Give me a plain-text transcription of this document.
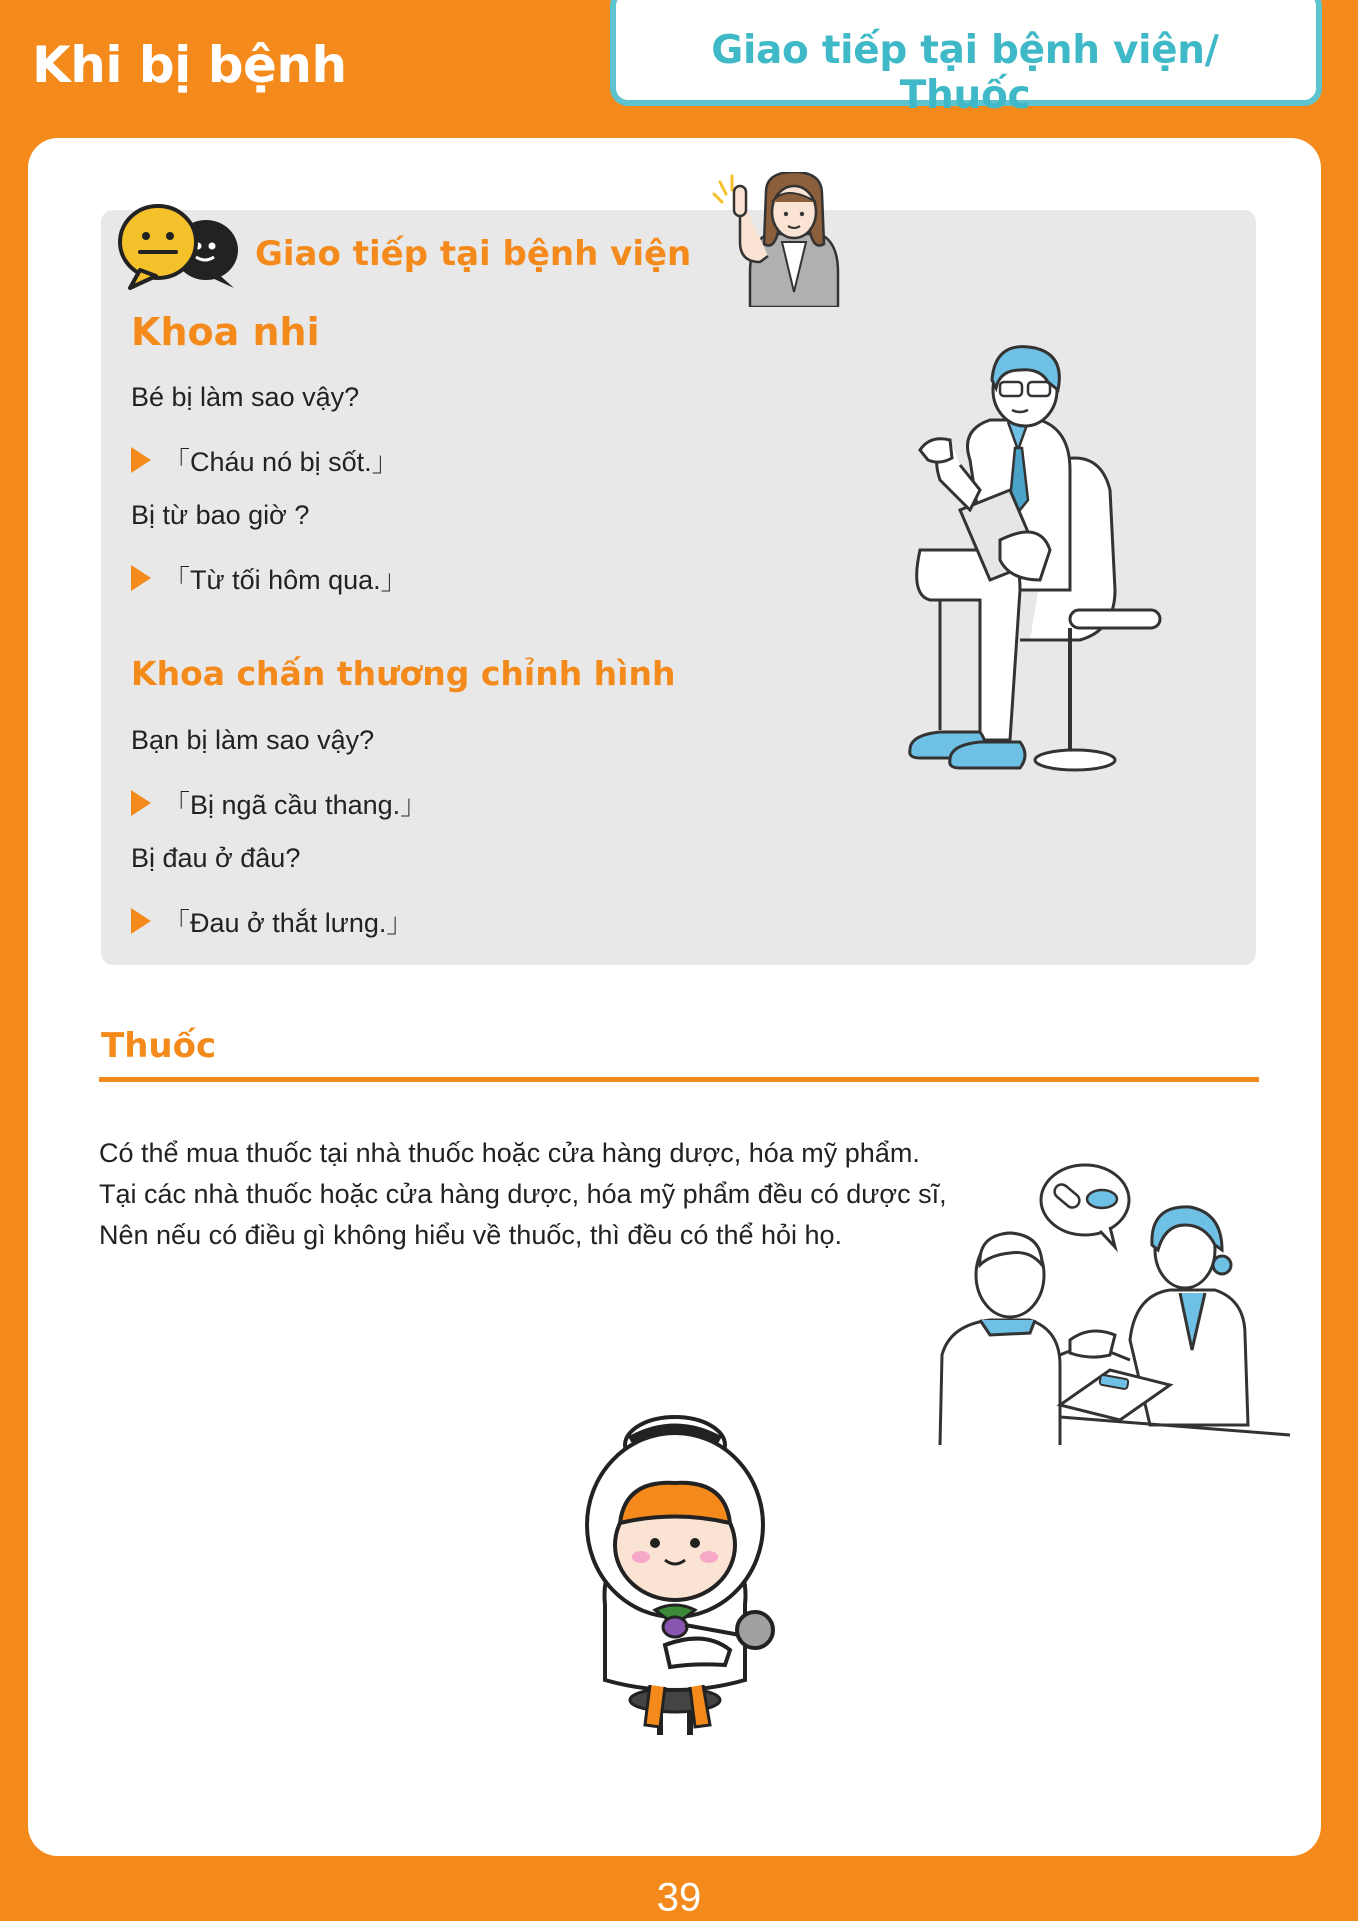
Khi bị bệnh	Giao tiếp tại bệnh viện/ Thuốc
Giao tiếp tại bệnh viện
Khoa nhi
Bé bị làm sao vậy?
「Cháu nó bị sốt.」
Bị từ bao giờ ?
「Từ tối hôm qua.」
Khoa chấn thương chỉnh hình
Bạn bị làm sao vậy?
「Bị ngã cầu thang.」
Bị đau ở đâu?
「Đau ở thắt lưng.」
Thuốc
Có thể mua thuốc tại nhà thuốc hoặc cửa hàng dược, hóa mỹ phẩm.
Tại các nhà thuốc hoặc cửa hàng dược, hóa mỹ phẩm đều có dược sĩ,
Nên nếu có điều gì không hiểu về thuốc, thì đều có thể hỏi họ.
39
